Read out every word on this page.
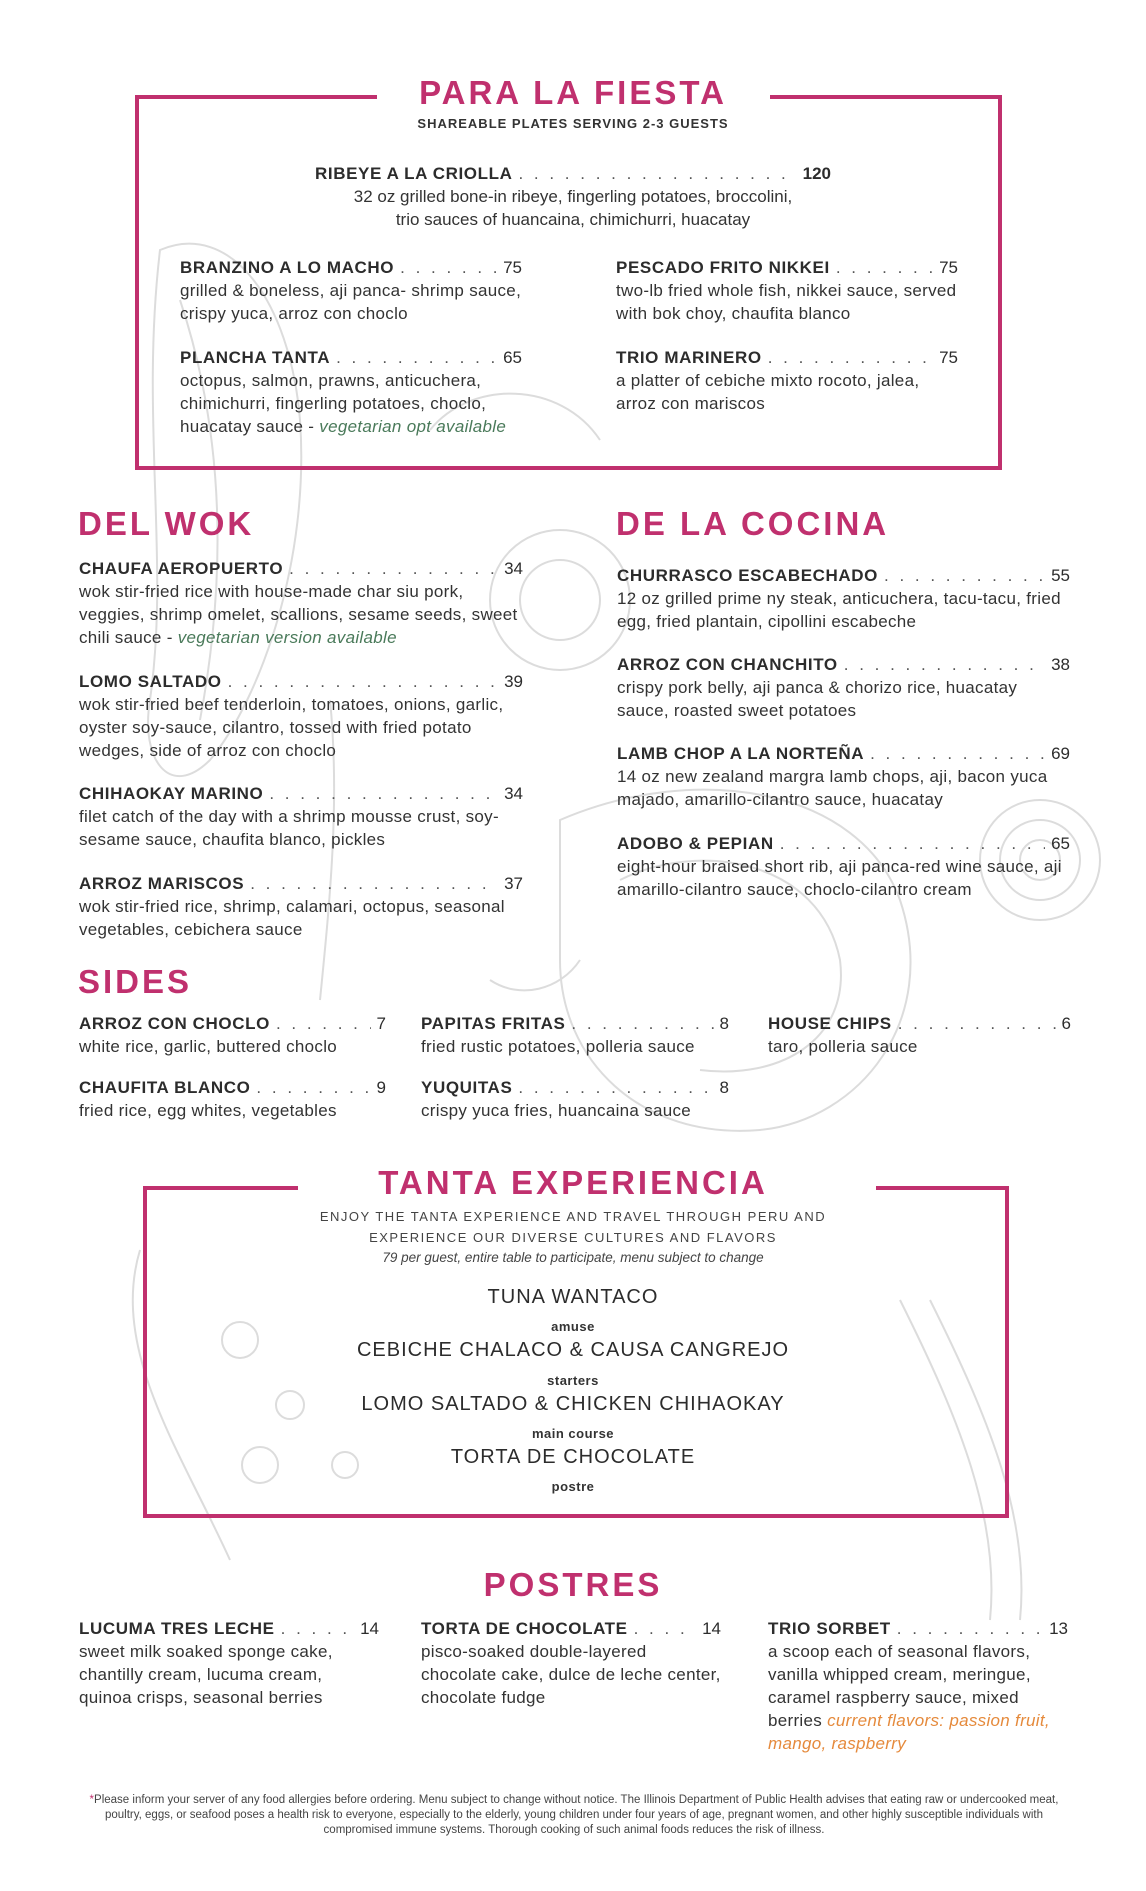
PARA LA FIESTA
SHAREABLE PLATES SERVING 2-3 GUESTS
RIBEYE A LA CRIOLLA . . .	120
32 oz grilled bone-in ribeye, fingerling potatoes, broccolini,
trio sauces of huancaina, chimichurri, huacatay
BRANZINO A LO MACHO . . .	75
grilled & boneless, aji panca- shrimp sauce, crispy yuca, arroz con choclo
PESCADO FRITO NIKKEI . . .	75
two-lb fried whole fish, nikkei sauce, served with bok choy, chaufita blanco
PLANCHA TANTA . . .	65
octopus, salmon, prawns, anticuchera, chimichurri, fingerling potatoes, choclo, huacatay sauce - vegetarian opt available
TRIO MARINERO . . .	75
a platter of cebiche mixto rocoto, jalea, arroz con mariscos
DEL WOK
CHAUFA AEROPUERTO . . .	34
wok stir-fried rice with house-made char siu pork, veggies, shrimp omelet, scallions, sesame seeds, sweet chili sauce - vegetarian version available
LOMO SALTADO . . .	39
wok stir-fried beef tenderloin, tomatoes, onions, garlic, oyster soy-sauce, cilantro, tossed with fried potato wedges, side of arroz con choclo
CHIHAOKAY MARINO . . .	34
filet catch of the day with a shrimp mousse crust, soy-sesame sauce, chaufita blanco, pickles
ARROZ MARISCOS . . .	37
wok stir-fried rice, shrimp, calamari, octopus, seasonal vegetables, cebichera sauce
DE LA COCINA
CHURRASCO ESCABECHADO . . .	55
12 oz grilled prime ny steak, anticuchera, tacu-tacu, fried egg, fried plantain, cipollini escabeche
ARROZ CON CHANCHITO . . .	38
crispy pork belly, aji panca & chorizo rice, huacatay sauce, roasted sweet potatoes
LAMB CHOP A LA NORTEÑA . . .	69
14 oz new zealand margra lamb chops, aji, bacon yuca majado, amarillo-cilantro sauce, huacatay
ADOBO & PEPIAN . . .	65
eight-hour braised short rib, aji panca-red wine sauce, aji amarillo-cilantro sauce, choclo-cilantro cream
SIDES
ARROZ CON CHOCLO . . .	7
white rice, garlic, buttered choclo
PAPITAS FRITAS . . .	8
fried rustic potatoes, polleria sauce
HOUSE CHIPS . . .	6
taro, polleria sauce
CHAUFITA BLANCO . . .	9
fried rice, egg whites, vegetables
YUQUITAS . . .	8
crispy yuca fries, huancaina sauce
TANTA EXPERIENCIA
ENJOY THE TANTA EXPERIENCE AND TRAVEL THROUGH PERU AND
EXPERIENCE OUR DIVERSE CULTURES AND FLAVORS
79 per guest, entire table to participate, menu subject to change
TUNA WANTACO
amuse
CEBICHE CHALACO & CAUSA CANGREJO
starters
LOMO SALTADO & CHICKEN CHIHAOKAY
main course
TORTA DE CHOCOLATE
postre
POSTRES
LUCUMA TRES LECHE . . .	14
sweet milk soaked sponge cake, chantilly cream, lucuma cream, quinoa crisps, seasonal berries
TORTA DE CHOCOLATE . . .	14
pisco-soaked double-layered chocolate cake, dulce de leche center, chocolate fudge
TRIO SORBET . . .	13
a scoop each of seasonal flavors, vanilla whipped cream, meringue, caramel raspberry sauce, mixed berries current flavors: passion fruit, mango, raspberry
*Please inform your server of any food allergies before ordering. Menu subject to change without notice. The Illinois Department of Public Health advises that eating raw or undercooked meat, poultry, eggs, or seafood poses a health risk to everyone, especially to the elderly, young children under four years of age, pregnant women, and other highly susceptible individuals with compromised immune systems. Thorough cooking of such animal foods reduces the risk of illness.
